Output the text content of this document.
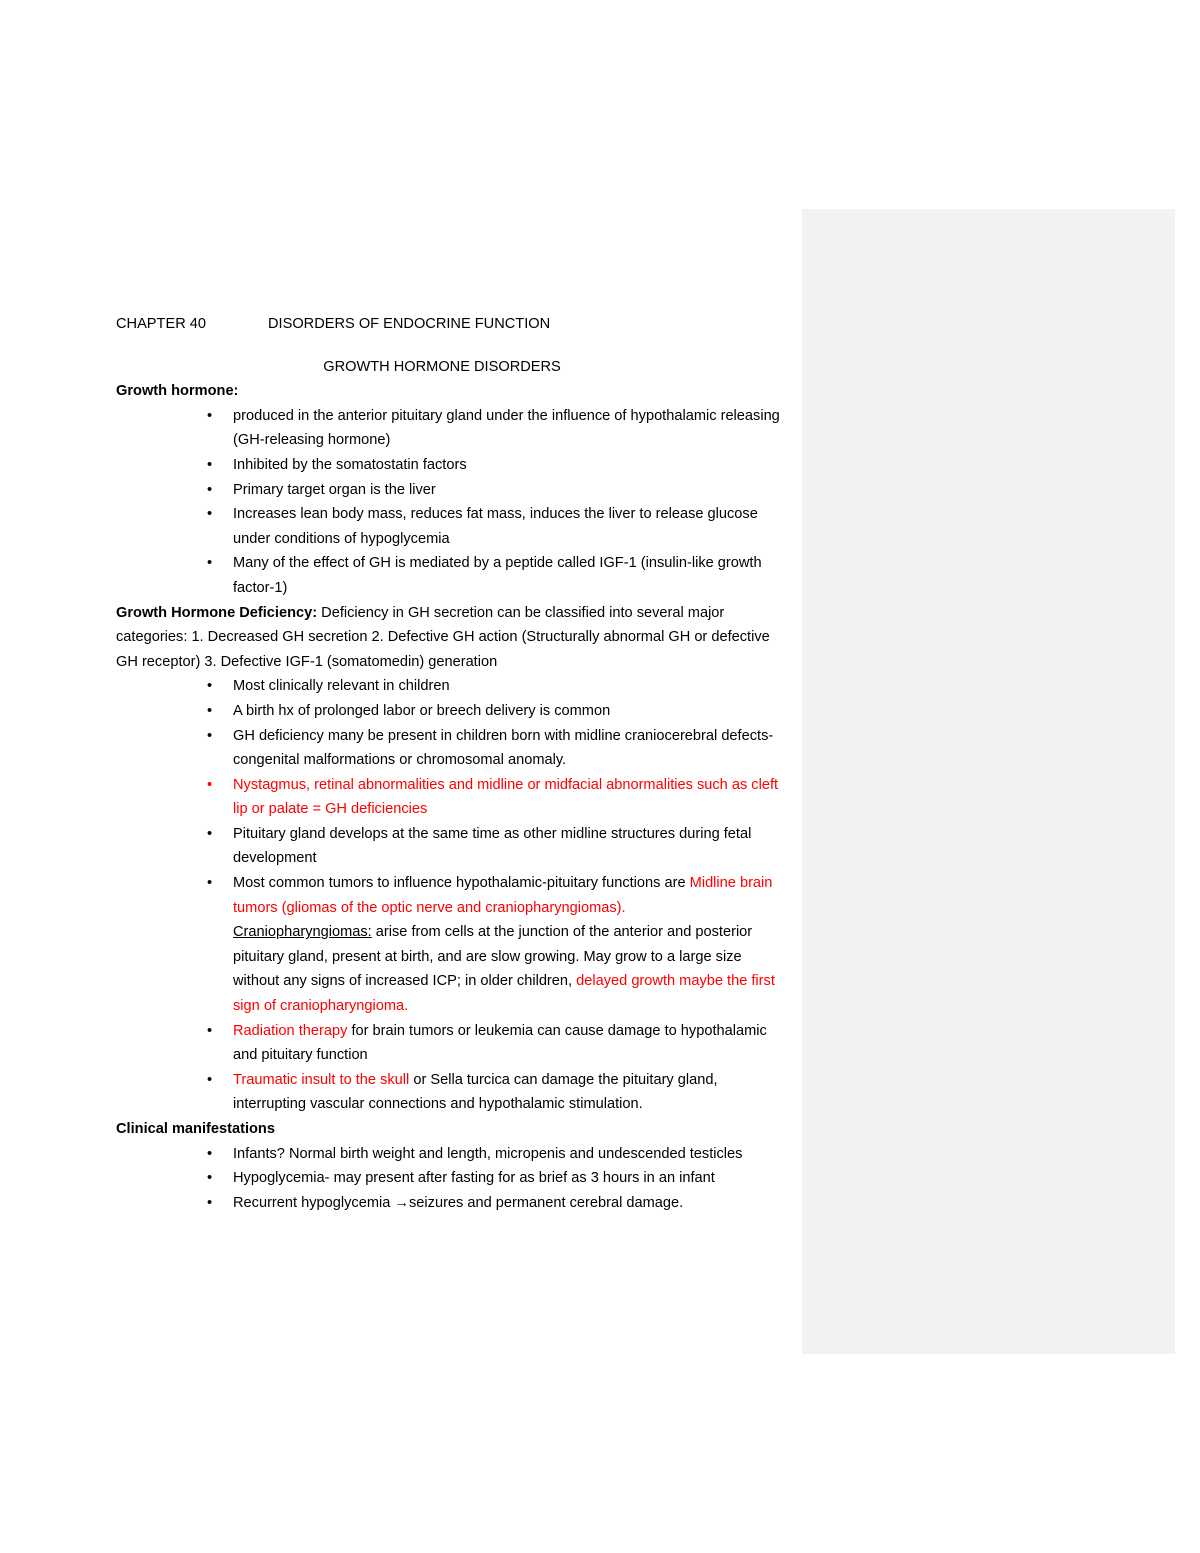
CHAPTER 40	DISORDERS OF ENDOCRINE FUNCTION
GROWTH HORMONE DISORDERS
Growth hormone:
• produced in the anterior pituitary gland under the influence of hypothalamic releasing (GH-releasing hormone)
• Inhibited by the somatostatin factors
• Primary target organ is the liver
• Increases lean body mass, reduces fat mass, induces the liver to release glucose under conditions of hypoglycemia
• Many of the effect of GH is mediated by a peptide called IGF-1 (insulin-like growth factor-1)

Growth Hormone Deficiency: Deficiency in GH secretion can be classified into several major categories: 1. Decreased GH secretion 2. Defective GH action (Structurally abnormal GH or defective GH receptor) 3. Defective IGF-1 (somatomedin) generation

• Most clinically relevant in children
• A birth hx of prolonged labor or breech delivery is common
• GH deficiency many be present in children born with midline craniocerebral defects-congenital malformations or chromosomal anomaly.
• Nystagmus, retinal abnormalities and midline or midfacial abnormalities such as cleft lip or palate = GH deficiencies
• Pituitary gland develops at the same time as other midline structures during fetal development
• Most common tumors to influence hypothalamic-pituitary functions are Midline brain tumors (gliomas of the optic nerve and craniopharyngiomas).
Craniopharyngiomas: arise from cells at the junction of the anterior and posterior pituitary gland, present at birth, and are slow growing. May grow to a large size without any signs of increased ICP; in older children, delayed growth maybe the first sign of craniopharyngioma.
• Radiation therapy for brain tumors or leukemia can cause damage to hypothalamic and pituitary function
• Traumatic insult to the skull or Sella turcica can damage the pituitary gland, interrupting vascular connections and hypothalamic stimulation.
Clinical manifestations
• Infants? Normal birth weight and length, micropenis and undescended testicles
• Hypoglycemia- may present after fasting for as brief as 3 hours in an infant
• Recurrent hypoglycemia →seizures and permanent cerebral damage.
